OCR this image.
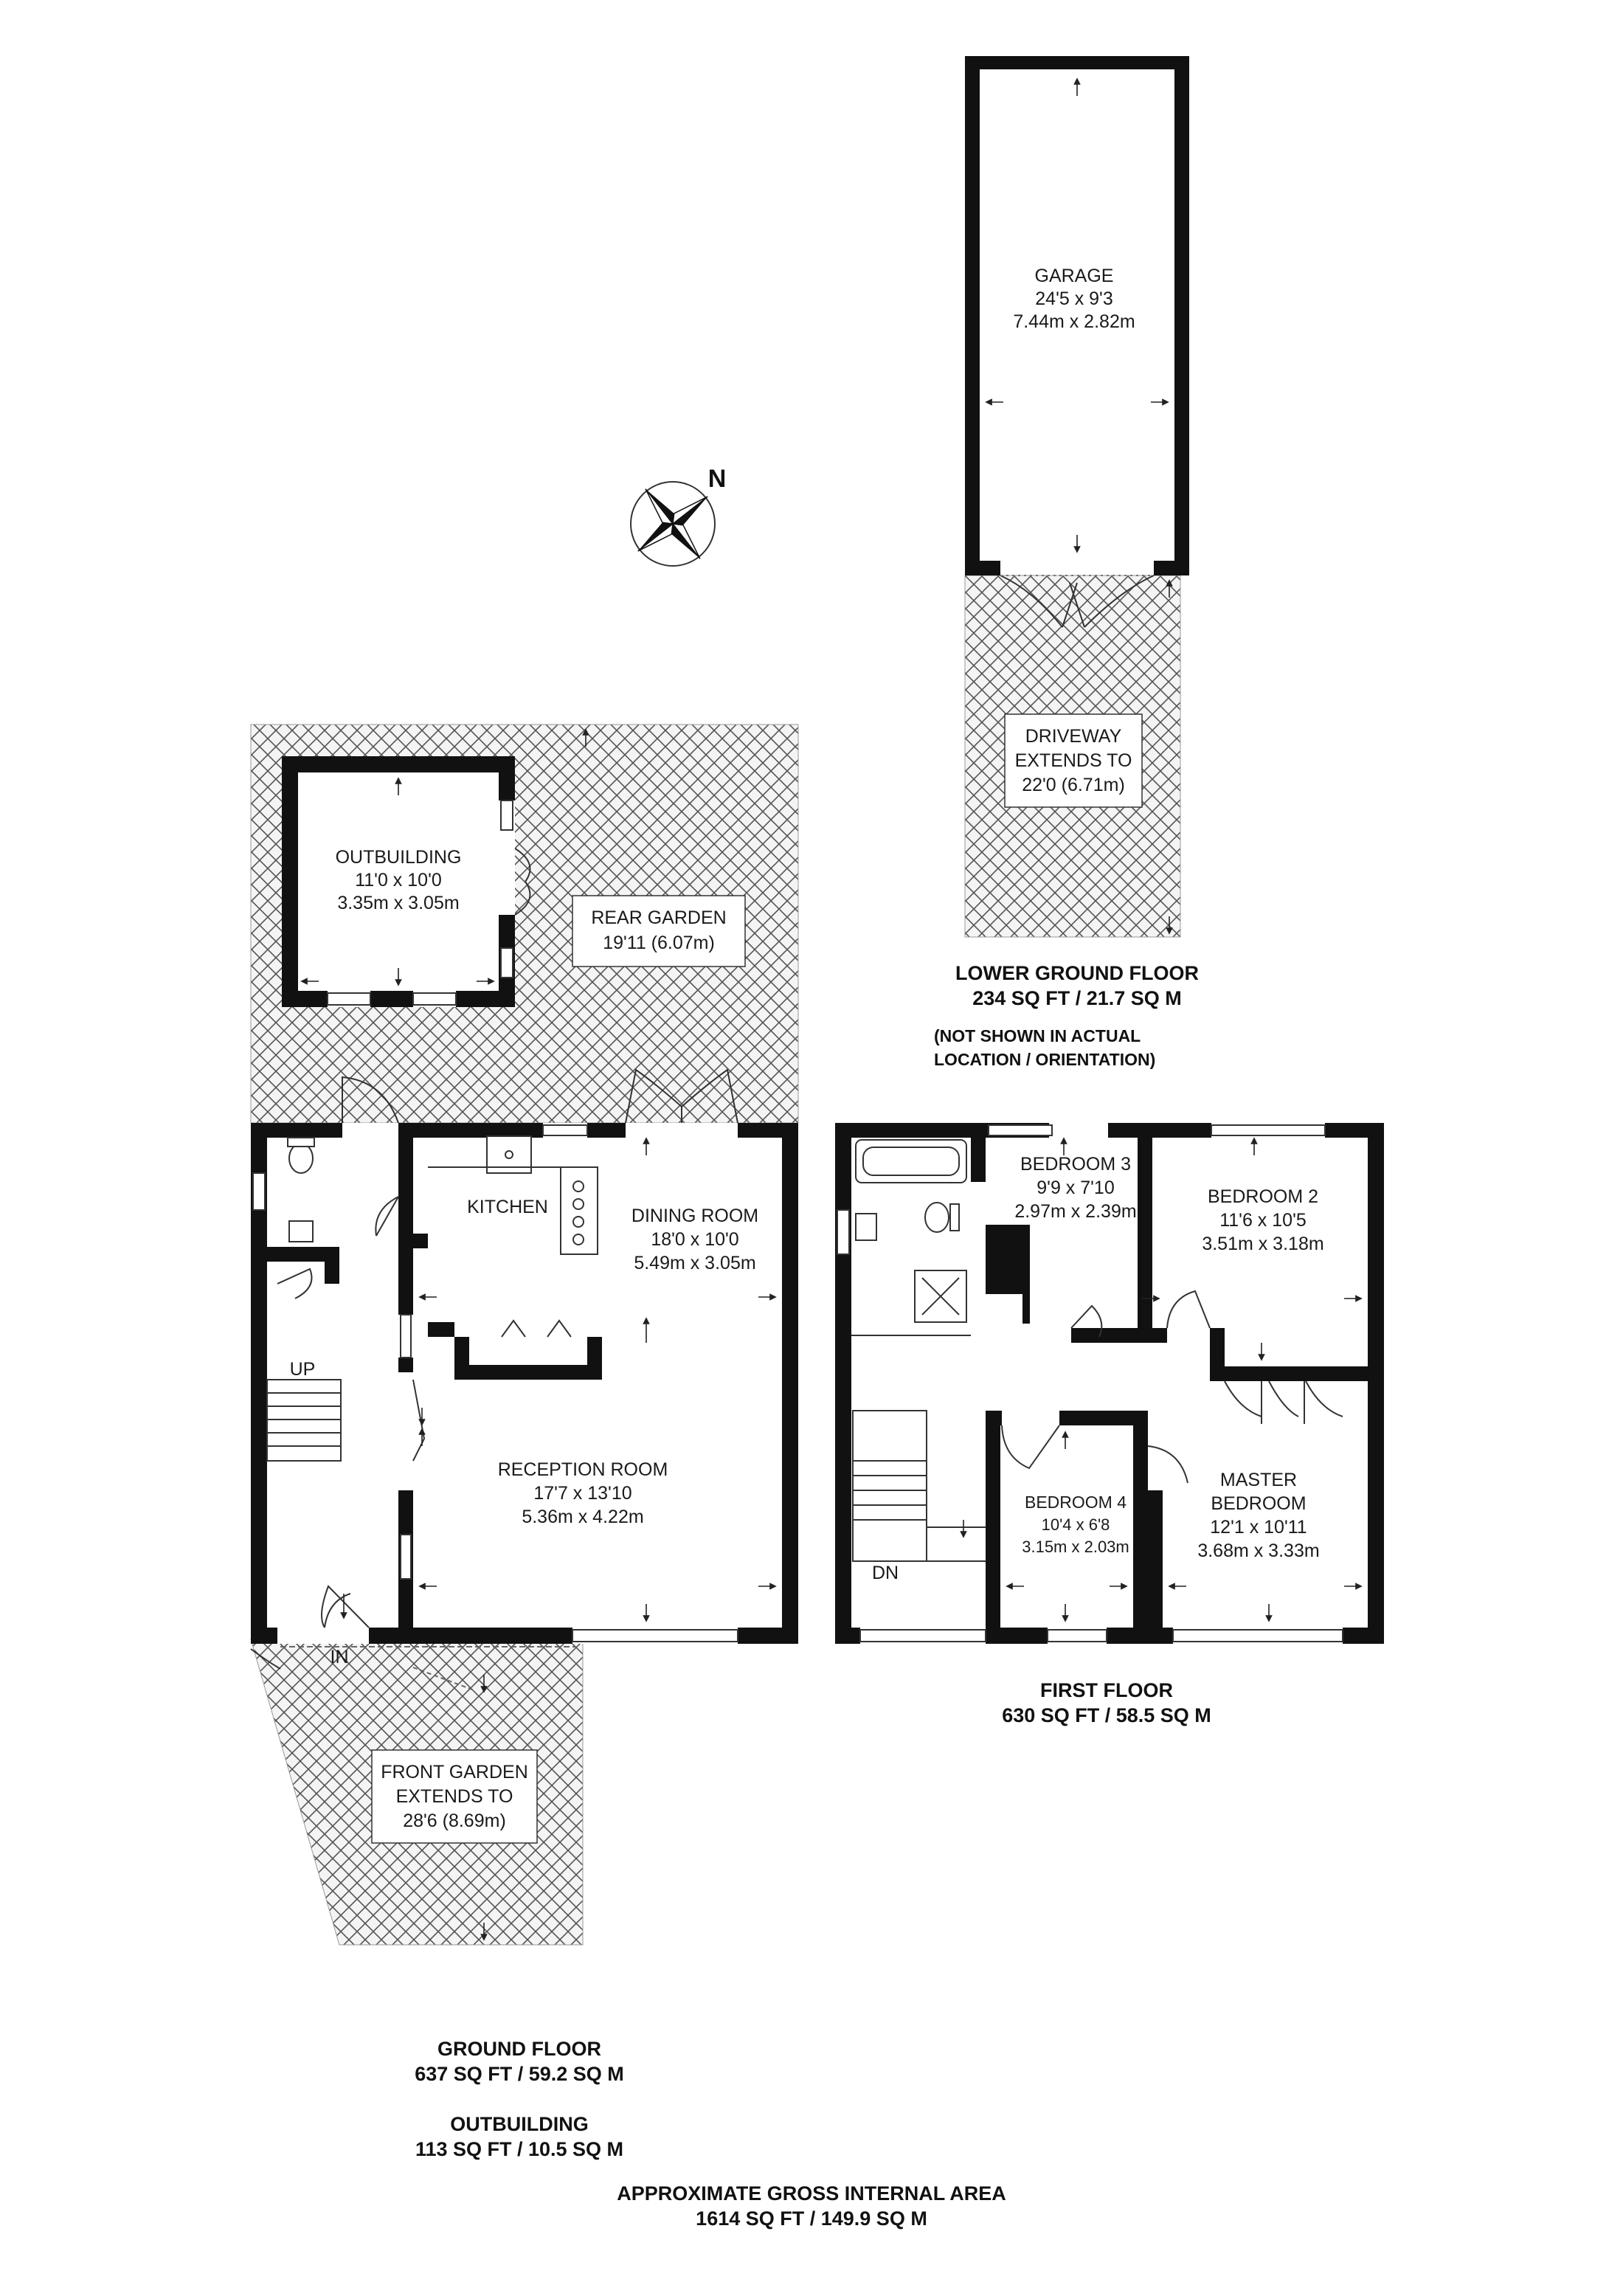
GARAGE
24'5 x 9'3
7.44m x 2.82m
DRIVEWAY
EXTENDS TO
22'0 (6.71m)
LOWER GROUND FLOOR
234 SQ FT / 21.7 SQ M
(NOT SHOWN IN ACTUAL
LOCATION / ORIENTATION)
N
OUTBUILDING
11'0 x 10'0
3.35m x 3.05m
REAR GARDEN
19'11 (6.07m)
KITCHEN	DINING ROOM
18'0 x 10'0
5.49m x 3.05m
RECEPTION ROOM
17'7 x 13'10
5.36m x 4.22m
UP
IN
FRONT GARDEN
EXTENDS TO
28'6 (8.69m)
GROUND FLOOR
637 SQ FT / 59.2 SQ M
OUTBUILDING
113 SQ FT / 10.5 SQ M
BEDROOM 3
9'9 x 7'10
2.97m x 2.39m
BEDROOM 2
11'6 x 10'5
3.51m x 3.18m
BEDROOM 4
10'4 x 6'8
3.15m x 2.03m
MASTER
BEDROOM
12'1 x 10'11
3.68m x 3.33m
DN
FIRST FLOOR
630 SQ FT / 58.5 SQ M
APPROXIMATE GROSS INTERNAL AREA
1614 SQ FT / 149.9 SQ M
